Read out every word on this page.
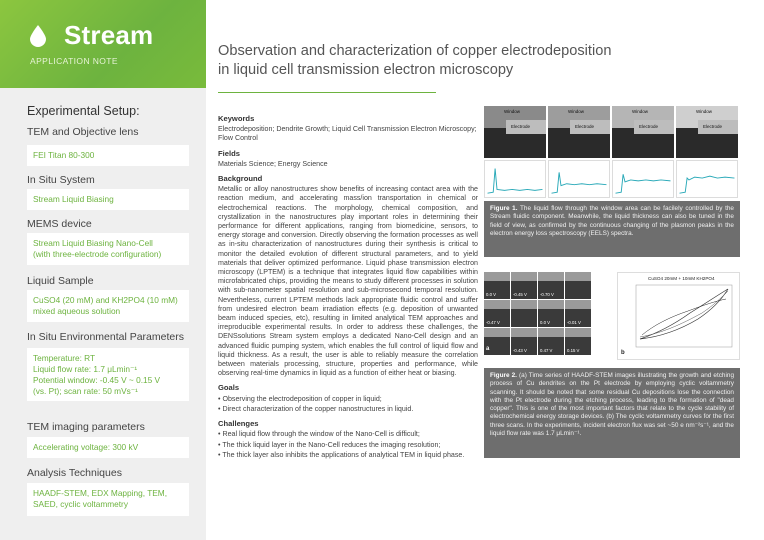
Stream
APPLICATION NOTE
Experimental Setup:
TEM and Objective lens
FEI Titan 80-300
In Situ System
Stream Liquid Biasing
MEMS device
Stream Liquid Biasing Nano-Cell
(with three-electrode configuration)
Liquid Sample
CuSO4 (20 mM) and KH2PO4 (10 mM)
mixed aqueous solution
In Situ Environmental Parameters
Temperature: RT
Liquid flow rate: 1.7 μLmin⁻¹
Potential window: -0.45 V ~ 0.15 V
(vs. Pt); scan rate: 50 mVs⁻¹
TEM imaging parameters
Accelerating voltage: 300 kV
Analysis Techniques
HAADF-STEM, EDX Mapping, TEM,
SAED, cyclic voltammetry
Observation and characterization of copper electrodeposition
in liquid cell transmission electron microscopy
Keywords

Electrodeposition; Dendrite Growth; Liquid Cell Transmission Electron Microscopy; Flow Control

Fields

Materials Science; Energy Science

Background

Metallic or alloy nanostructures show benefits of increasing contact area with the reaction medium, and accelerating mass/ion transportation in chemical or electrochemical reactions. The morphology, chemical composition, and crystallization in the nanostructures play important roles in determining their performance for different applications, ranging from biomedicine, sensors, to energy storage and conversion. Directly observing the formation processes as well as in-situ characterization of nanostructures during their synthesis is critical to monitor the detailed evolution of different structural parameters, and to yield materials that deliver optimized performance. Liquid phase transmission electron microscopy (LPTEM) is a technique that integrates liquid flow capabilities within microfabricated chips, providing the means to study different processes in solution with sub-nanometer spatial resolution and sub-microsecond temporal resolution. Nevertheless, current LPTEM methods lack appropriate fluidic control and suffer from undesired electron beam irradiation effects (e.g. deposition of unwanted beam induced species, etc), resulting in limited analytical TEM approaches and irreproducible experimental results. In order to address these challenges, the DENSsolutions Stream system employs a dedicated Nano-Cell design and an advanced fluidic pumping system, which enables the full control of liquid flow and liquid thickness. As a result, the user is able to reliably measure the correlation between materials processing, structure, properties and performance, while observing real-time dynamics in liquid as a function of either heat or biasing.

Goals
• Observing the electrodeposition of copper in liquid;
• Direct characterization of the copper nanostructures in liquid.
Challenges
• Real liquid flow through the window of the Nano-Cell is difficult;
• The thick liquid layer in the Nano-Cell reduces the imaging resolution;
• The thick layer also inhibits the applications of analytical TEM in liquid phase.
Window
Electrode
Window
Electrode
Window
Electrode
Window
Electrode
Figure 1. The liquid flow through the window area can be facilely controlled by the Stream fluidic component. Meanwhile, the liquid thickness can also be tuned in the field of view, as confirmed by the continuous changing of the plasmon peaks in the electron energy loss spectroscopy (EELS) spectra.
0.0 V	-0.45 V	-0.70 V
-0.47 V	0.0 V	-0.01 V
-0.43 V	0.47 V	0.15 V
a
CuSO4 20mM + 10mM KH2PO4
b
Figure 2. (a) Time series of HAADF-STEM images illustrating the growth and etching process of Cu dendrites on the Pt electrode by employing cyclic voltammetry scanning. It should be noted that some residual Cu depositions lose the connection with the Pt electrode during the etching process, leading to the formation of "dead copper". This is one of the most important factors that relate to the cycle stability of electrochemical energy storage devices. (b) The cyclic voltammetry curves for the first three scans. In the experiments, incident electron flux was set ~50 e nm⁻²s⁻¹, and the liquid flow rate was 1.7 μLmin⁻¹.
